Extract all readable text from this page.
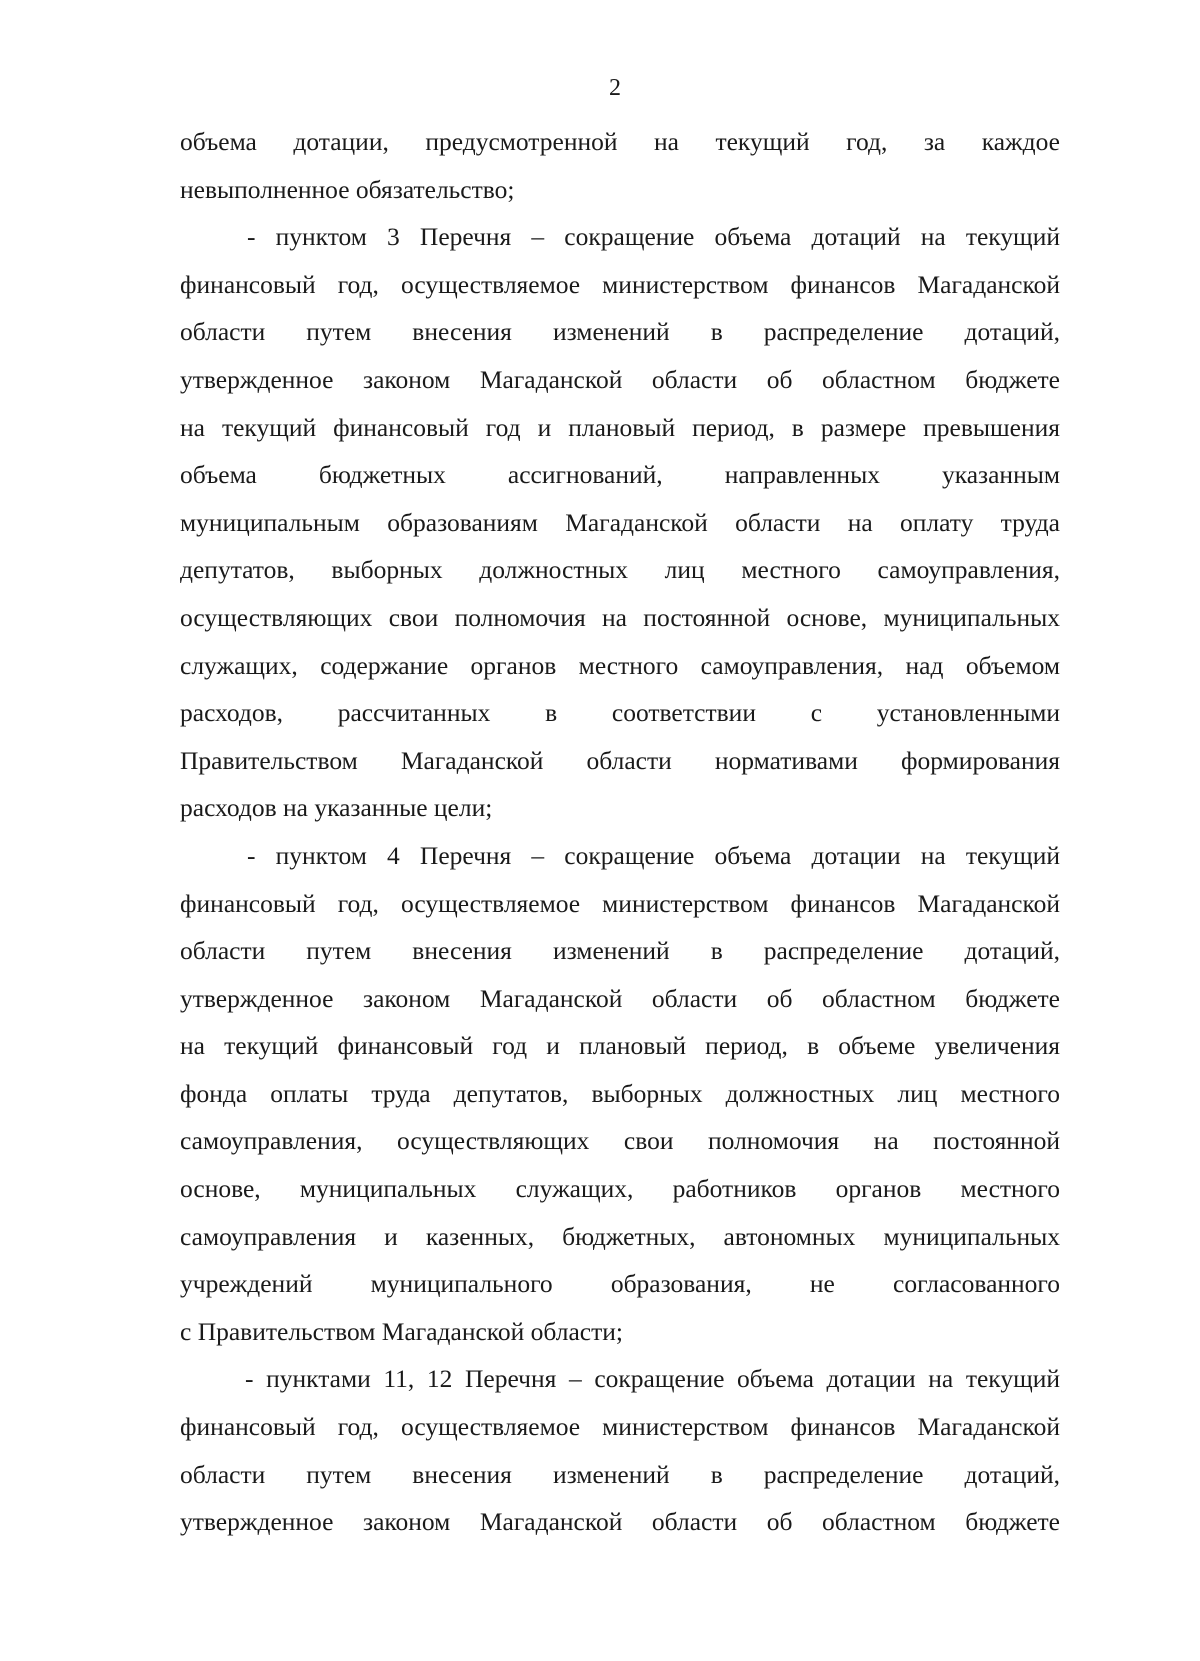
2
объема дотации, предусмотренной на текущий год, за каждое
невыполненное обязательство;
- пунктом 3 Перечня – сокращение объема дотаций на текущий
финансовый год, осуществляемое министерством финансов Магаданской
области путем внесения изменений в распределение дотаций,
утвержденное законом Магаданской области об областном бюджете
на текущий финансовый год и плановый период, в размере превышения
объема бюджетных ассигнований, направленных указанным
муниципальным образованиям Магаданской области на оплату труда
депутатов, выборных должностных лиц местного самоуправления,
осуществляющих свои полномочия на постоянной основе, муниципальных
служащих, содержание органов местного самоуправления, над объемом
расходов, рассчитанных в соответствии с установленными
Правительством Магаданской области нормативами формирования
расходов на указанные цели;
- пунктом 4 Перечня – сокращение объема дотации на текущий
финансовый год, осуществляемое министерством финансов Магаданской
области путем внесения изменений в распределение дотаций,
утвержденное законом Магаданской области об областном бюджете
на текущий финансовый год и плановый период, в объеме увеличения
фонда оплаты труда депутатов, выборных должностных лиц местного
самоуправления, осуществляющих свои полномочия на постоянной
основе, муниципальных служащих, работников органов местного
самоуправления и казенных, бюджетных, автономных муниципальных
учреждений муниципального образования, не согласованного
с Правительством Магаданской области;
- пунктами 11, 12 Перечня – сокращение объема дотации на текущий
финансовый год, осуществляемое министерством финансов Магаданской
области путем внесения изменений в распределение дотаций,
утвержденное законом Магаданской области об областном бюджете
